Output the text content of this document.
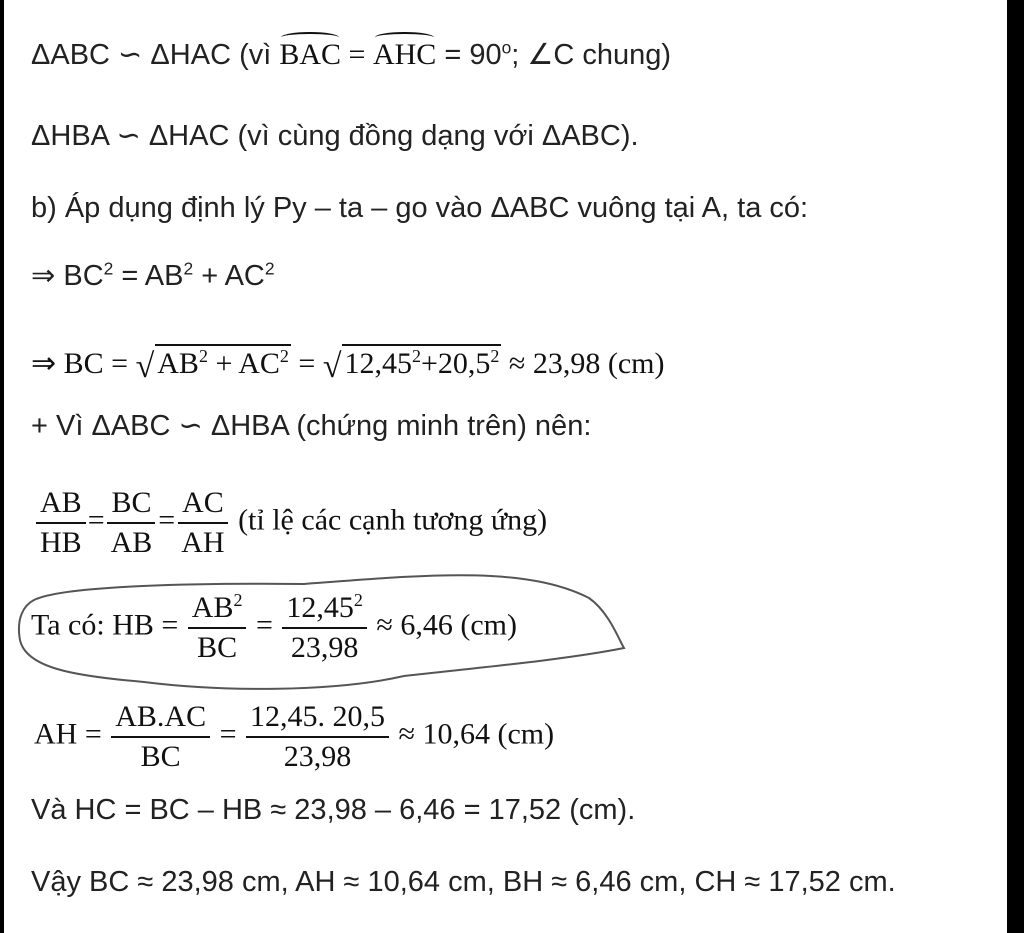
ΔABC ∽ ΔHAC (vì BAC = AHC = $90^o$; ∠C chung)
ΔHBA ∽ ΔHAC (vì cùng đồng dạng với ΔABC).
b) Áp dụng định lý Py – ta – go vào ΔABC vuông tại A, ta có:
⇒ $BC^2 = AB^2 + AC^2$
⇒ BC = √ $AB^2 + AC^2$ = √ $12,45^2+20,5^2 \approx 23,98$ (cm)
+ Vì ΔABC ∽ ΔHBA (chứng minh trên) nên:
$\frac{AB}{HB} = \frac{BC}{AB} = \frac{AC}{AH}$ (tỉ lệ các cạnh tương ứng)
Ta có: HB = $\frac{AB^2}{BC} = \frac{12,45^2}{23,98} \approx 6,46$ (cm)
AH = $\frac{AB.AC}{BC} = \frac{12,45. 20,5}{23,98} \approx 10,64$ (cm)
Và HC = BC – HB ≈ 23,98 – 6,46 = 17,52 (cm).
Vậy BC ≈ 23,98 cm, AH ≈ 10,64 cm, BH ≈ 6,46 cm, CH ≈ 17,52 cm.
